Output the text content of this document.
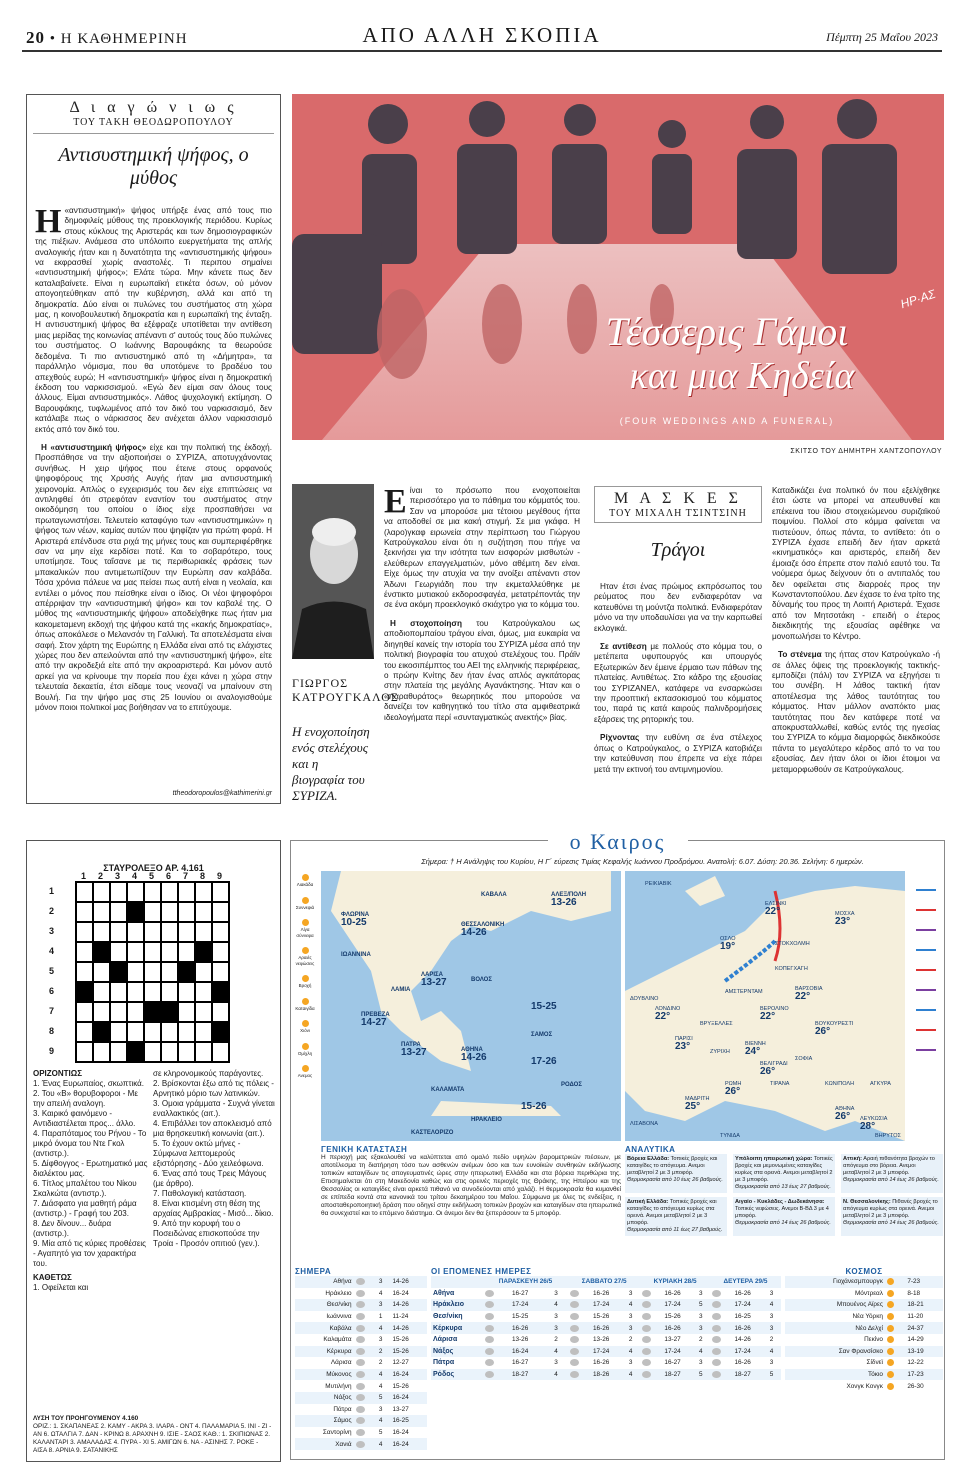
20 • Η ΚΑΘΗΜΕΡΙΝΗ	ΑΠΟ ΑΛΛΗ ΣΚΟΠΙΑ	Πέμπτη 25 Μαΐου 2023
Δ ι α γ ώ ν ι ω ς
ΤΟΥ ΤΑΚΗ ΘΕΟΔΩΡΟΠΟΥΛΟΥ
Αντισυστημική ψήφος, ο μύθος

Η «αντισυστημική» ψήφος υπήρξε ένας από τους πιο δημοφιλείς μύθους της προεκλογικής περιόδου. Κυρίως στους κύκλους της Αριστεράς και των δημοσιογραφικών της πιέξιων. Ανάμεσα στο υπόλοιπο ευεργετήματα της απλής αναλογικής ήταν και η δυνατότητα της «αντισυστημικής ψήφου» να εκφρασθεί χωρίς αναστολές. Τι περιπου σημαίνει «αντισυστημική ψήφος»; Ελάτε τώρα. Μην κάνετε πως δεν καταλαβαίνετε. Είναι η ευρωπαϊκή ετικέτα όσων, ού μόνον απογοητεύθηκαν από την κυβέρνηση, αλλά και από τη δημοκρατία. Δύο είναι οι πυλώνες του συστήματος στη χώρα μας, η κοινοβουλευτική δημοκρατία και η ευρωπαϊκή της ένταξη. Η αντισυστημική ψήφος θα εξέφραζε υποτίθεται την αντίθεση μιας μερίδας της κοινωνίας απέναντι σ' αυτούς τους δύο πυλώνες του συστήματος. Ο Ιωάννης Βαρουφάκης τα θεωρούσε δεδομένα. Τι πιο αντισυστημικό από τη «Δήμητρα», τα παράλληλο νόμισμα, που θα υποτόμενε το βραδέυο του απεχθούς ευρώ; Η «αντισυστημική» ψήφος είναι η δημοκρατική έκδοση του ναρκισσισμού. «Εγώ δεν είμαι σαν όλους τους άλλους. Είμαι αντισυστημικός». Λάθος ψυχολογική εκτίμηση. Ο Βαρουφάκης, τυφλωμένος από τον δικό του ναρκισσισμό, δεν κατάλαβε πως ο νάρκισσος δεν ανέχεται άλλον ναρκισσισμό εκτός από τον δικό του.

Η «αντισυστημική ψήφος» είχε και την πολιτική της έκδοχή. Προσπάθησε να την αξιοποιήσει ο ΣΥΡΙΖΑ, αποτυγχάνοντας συνήθως. Η χειρ ψήφος που έτεινε στους ορφανούς ψηφοφόρους της Χρυσής Αυγής ήταν μια αντισυστημική χειρονομία. Απλώς ο εγχειρισμός του δεν είχε επιπτώσεις να αντιληφθεί ότι στρεφόταν εναντίον του συστήματος στην οικοδόμηση του οποίου ο ίδιος είχε προσπαθήσει να πρωταγωνιστήσει. Τελευτείο καταφύγιο των «αντισυστημικών» η ψήφος των νέων, καμίας αυτών που ψηφίζαν για πρώτη φορά. Η Αριστερά επένδυσε στα ριχά της μήνες τους και συμπεριφέρθηκε σαν να μην είχε κερδίσει ποτέ. Και το σοβαρότερο, τους υποτίμησε. Τους ταΐσανε με τις περιθωριακές φράσεις των μπακαλικών που αντιμετωπίζουν την Ευρώπη σαν καλβάδα. Τόσα χρόνια πάλευε να μας πείσει πως αυτή είναι η νεολαία, και εντέλει ο μόνος που πείσθηκε είναι ο ίδιος. Οι νέοι ψηφοφόροι απέρριψαν την «αντισυστημική ψήφο» και τον καβαλέ της. Ο μύθος της «αντισυστημικής ψήφου» αποδείχθηκε πως ήταν μια κακομεταμενη εκδοχή της ψήφου κατά της «κακής δημοκρατίας», όπως αποκάλεσε ο Μελανσόν τη Γαλλική. Τα αποτελέσματα είναι σαφή. Στον χάρτη της Ευρώπης η Ελλάδα είναι από τις ελάχιστες χώρες που δεν απειλούνται από την «αντισυστημική ψήφο», είτε από την ακροδεξιά είτε από την ακροαριστερά. Και μόνον αυτό αρκεί για να κρίνουμε την πορεία που έχει κάνει η χώρα στην τελευταία δεκαετία, έτσι είδαμε τους νεοναζί να μπαίνουν στη Βουλή. Για την ψήφο μας στις 25 Ιουνίου οι αναλογισθούμε μόνον ποιοι πολιτικοί μας βοήθησαν να το επιτύχουμε.

ttheodoropoulos@kathimerini.gr
Τέσσερις Γάμοι
και μια Κηδεία
(FOUR WEDDINGS AND A FUNERAL)
ΗΡ·ΑΣ
ΣΚΙΤΣΟ ΤΟΥ ΔΗΜΗΤΡΗ ΧΑΝΤΖΟΠΟΥΛΟΥ
ΓΙΩΡΓΟΣ ΚΑΤΡΟΥΓΚΑΛΟΣ
Η ενοχοποίηση ενός στελέχους και η βιογραφία του ΣΥΡΙΖΑ.

Είναι το πρόσωπο που ενοχοποιείται περισσότερο για το πάθημα του κόμματός του. Σαν να μπορούσε μια τέτοιου μεγέθους ήττα να αποδοθεί σε μια κακή στιγμή. Σε μια γκάφα. Η (λαρο)γκαφ ειρωνεία στην περίπτωση του Γιώργου Κατρούγκαλου είναι ότι η συζήτηση που πήγε να ξεκινήσει για την ισότητα των εισφορών μισθωτών - ελεύθερων επαγγελματιών, μόνο αθέμιτη δεν είναι. Είχε όμως την ατυχία να την ανοίξει απέναντι στον Άδωνι Γεωργιάδη που την εκμεταλλεύθηκε με ένστικτο μυτιακού εκδοροσφαγέα, μετατρέποντάς την σε ένα ακόμη προεκλογικό σκιάχτρο για το κόμμα του.

Η στοχοποίηση του Κατρούγκαλου ως αποδιοπομπαίου τράγου είναι, όμως, μια ευκαιρία να διηγηθεί κανείς την ιστορία του ΣΥΡΙΖΑ μέσα από την πολιτική βιογραφία του ατυχού στελέχους του. Πράϊν του εικοσιπέμπτος του ΑΕΙ της ελληνικής περιφέρειας, ο πρώην Κνίτης δεν ήταν ένας απλός αγκιτάτορας στην πλατεία της μεγάλης Αγανάκτησης. Ήταν και ο «παραθυράτος» θεωρητικός που μπορούσε να δανείζει τον καθηγητικό του τίτλο στα αμφιθεατρικά ιδεολογήματα περί «συνταγματικώς ανεκτής» βίας.

Μ Α Σ Κ Ε Σ
ΤΟΥ ΜΙΧΑΛΗ ΤΣΙΝΤΣΙΝΗ
Τράγοι

Ηταν έτσι ένας πρώιμος εκπρόσωπος του ρεύματος που δεν ενδιαφερόταν να κατευθύνει τη μούντζα πολιτικά. Ενδιαφερόταν μόνο να την υποδαυλίσει για να την καρπωθεί εκλογικά.

Σε αντίθεση με πολλούς στο κόμμα του, ο μετέπειτα υφυπουργός και υπουργός Εξωτερικών δεν έμεινε έρμαιο των πάθων της πλατείας. Αντιθέτως. Στο κάδρο της εξουσίας του ΣΥΡΙΖΑΝΕΛ, κατάφερε να ενσαρκώσει την προοπτική εκπασοκισμού του κόμματος του, παρά τις κατά καιρούς παλινδρομήσεις εξάρσεις της ρητορικής του.

Ρίχνοντας την ευθύνη σε ένα στέλεχος όπως ο Κατρούγκαλος, ο ΣΥΡΙΖΑ κατοβιάζει την κατεύθυνση που έπρεπε να είχε πάρει μετά την εκτινοή του αντιμνημονίου.

Καταδικάζει ένα πολιτικό όν που εξελίχθηκε έτσι ώστε να μπορεί να απευθυνθεί και επέκεινα του ίδιου στοιχειώμενου συριζαϊκού ποιμνίου. Πολλοί στο κόμμα φαίνεται να πιστεύουν, όπως πάντα, το αντίθετο: ότι ο ΣΥΡΙΖΑ έχασε επειδή δεν ήταν αρκετά «κινηματικός» και αριστερός, επειδή δεν έμοιαζε όσο έπρεπε στον παλιό εαυτό του. Τα νούμερα όμως δείχνουν ότι ο αντιπαλός του δεν οφείλεται στις διαρροές προς την Κωνσταντοπούλου. Δεν έχασε το ένα τρίτο της δύναμής του προς τη Λοιπή Αριστερά. Έχασε από τον Μητσοτάκη - επειδή ο έτερος διεκδικητής της εξουσίας αφέθηκε να μονοπωλήσει το Κέντρο.

Το στένεμα της ήττας στον Κατρούγκαλο -ή σε άλλες όψεις της προεκλογικής τακτικής- εμποδίζει (πάλι) τον ΣΥΡΙΖΑ να εξηγήσει τι του συνέβη. Η λάθος τακτική ήταν αποτέλεσμα της λάθος ταυτότητας του κόμματος. Ηταν μάλλον αναπόκτο μιας ταυτότητας που δεν κατάφερε ποτέ να αποκρυσταλλωθεί, καθώς εντός της ηγεσίας του ΣΥΡΙΖΑ το κόμμα διαμορφώς διεκδικούσε πάντα το μεγαλύτερο κέρδος από το να του εξουσίας. Δεν ήταν όλοι οι ίδιοι έτοιμοι να μεταμορφωθούν σε Κατρούγκαλους.

ΣΤΑΥΡΟΛΕΞΟ ΑΡ. 4.161
1	2	3	4	5	6	7	8	9
1
2
3
4
5
6
7
8
9
ΟΡΙΖΟΝΤΙΩΣ
1. Ένας Ευρωπαίος, σκωπτικά.
2. Του «Β» θορυβοφοροι - Με την απειλή αναλογη.
3. Καιρικό φαινόμενο - Αντιδιαστέλεται προς... άλλο.
4. Παραπόταμος του Ρήνου - Το μικρό όνομα του Ντε Γκολ (αντιστρ.).
5. Δίφθογγος - Ερωτηματικό μας διαλέκτου μας.
6. Τίτλος μπαλέτου του Νίκου Σκαλκώτα (αντιστρ.).
7. Διάσφατο για μαθητή ράμα (αντιστρ.) - Γραφή του 203.
8. Δεν δίνουν... δυάρα (αντιστρ.).
9. Μία από τις κύριες προθέσεις - Αγαπητό για τον χαρακτήρα του.
ΚΑΘΕΤΩΣ
1. Οφείλεται και
σε κληρονομικούς παράγοντες.
2. Βρίσκονται έξω από τις πόλεις - Αρνητικό μόριο των λατινικών.
3. Ομοια γράμματα - Συχνά γίνεται εναλλακτικός (αιτ.).
4. Επιβάλλει τον αποκλεισμό από μια θρησκευτική κοινωνία (αιτ.).
5. Το έχουν οκτώ μήνες - Σύμφωνα λεπτομερούς εξιστόρησης - Δύο χειλεόφωνα.
6. Ένας από τους Τρεις Μάγους (με άρθρο).
7. Παθολογική κατάσταση.
8. Είναι κτισμένη στη θέση της αρχαίας Αμβρακίας - Μισό... δίκιο.
9. Από την κορυφή του ο Ποσειδώνας επισκοπούσε την Τροία - Προσόν οπιτιού (γεν.).
ΛΥΣΗ ΤΟΥ ΠΡΟΗΓΟΥΜΕΝΟΥ 4.160
ΟΡΙΖ.: 1. ΣΚΑΠΑΝΕΑΣ 2. ΚΑΜΥ - ΑΚΡΑ 3. ΙΛΑΡΑ - ΟΝΤ 4. ΠΑΛΑΜΑΡΙΑ 5. ΙΝΙ - ΖΙ - ΑΝ 6. ΩΤΑΛΓΙΑ 7. ΔΑΝ - ΚΡΙΝΩ 8. ΑΡΑΧΝΗ 9. ΙΣΙΕ - ΣΑΟΣ ΚΑΘ.: 1. ΣΚΙΠΙΩΝΑΣ 2. ΚΑΛΑΝΤΑΡΙ 3. ΑΜΑΛΑΔΑΣ 4. ΠΥΡΑ - ΧΙ 5. ΑΜΙΓΩΝ 6. ΝΑ - ΑΣΙΝΗΣ 7. ΡΟΚΕ - ΑΙΣΑ 8. ΑΡΝΙΑ 9. ΣΑΤΑΝΙΚΗΣ
ο Καιρος
Σήμερα: † Η Ανάληψις του Κυρίου, Η Γ΄ εύρεσις Τιμίας Κεφαλής Ιωάννου Προδρόμου. Ανατολή: 6.07. Δύση: 20.36. Σελήνη: 6 ημερών.
Λιακάδα
Συννεφιά
Λίγα σύννεφα
Αραιές νεφώσεις
Βροχή
Καταιγίδα
Χιόνι
Ομίχλη
Ανεμος
ΦΛΩΡΙΝΑ
10-25
ΚΑΒΑΛΑ
ΘΕΣΣΑΛΟΝΙΚΗ
14-26
ΑΛΕΞ/ΠΟΛΗ
13-26
ΙΩΑΝΝΙΝΑ
ΛΑΡΙΣΑ
13-27	ΒΟΛΟΣ
ΛΑΜΙΑ
ΠΡΕΒΕΖΑ
14-27
ΠΑΤΡΑ
13-27	ΑΘΗΝΑ
14-26
ΣΑΜΟΣ
ΚΑΛΑΜΑΤΑ
ΡΟΔΟΣ
ΗΡΑΚΛΕΙΟ
ΚΑΣΤΕΛΟΡΙΖΟ
15-25
17-26
15-26
ΡΕΙΚΙΑΒΙΚ
ΕΛΣΙΝΚΙ
22°	ΜΟΣΧΑ
23°
ΟΣΛΟ
19°	ΣΤΟΚΧΟΛΜΗ
ΚΟΠΕΓΧΑΓΗ
ΔΟΥΒΛΙΝΟ
ΑΜΣΤΕΡΝΤΑΜ	ΒΑΡΣΟΒΙΑ
22°
ΛΟΝΔΙΝΟ
22°
ΒΕΡΟΛΙΝΟ
22°
ΒΡΥΞΕΛΛΕΣ
ΠΑΡΙΣΙ
23°	ΒΙΕΝΝΗ
24°
ΖΥΡΙΧΗ
ΒΟΥΚΟΥΡΕΣΤΙ
26°
ΒΕΛΙΓΡΑΔΙ
26°
ΣΟΦΙΑ
ΤΙΡΑΝΑ	ΚΩΝ/ΠΟΛΗ	ΑΓΚΥΡΑ
ΡΩΜΗ
26°
ΜΑΔΡΙΤΗ
25°
ΛΙΣΑΒΟΝΑ
ΑΘΗΝΑ
26°	ΛΕΥΚΩΣΙΑ
28°
ΤΥΝΙΔΑ	ΒΗΡΥΤΟΣ
ΓΕΝΙΚΗ ΚΑΤΑΣΤΑΣΗ
Η περιοχή μας εξακολουθεί να καλύπτεται από ομαλό πεδίο υψηλών βαρομετρικών πιέσεων, με αποτέλεσμα τη διατήρηση τόσο των ασθενών ανέμων όσο και των ευνοϊκών συνθηκών εκδήλωσης τοπικών καταιγίδων τις απογευματινές ώρες στην ηπειρωτική Ελλάδα και στα βόρεια περιθώρια της. Επισημαίνεται ότι στη Μακεδονία καθώς και στις ορεινές περιοχές της Θράκης, της Ηπείρου και της Θεσσαλίας οι καταιγίδες είναι αρκετά πιθανό να συνοδεύονται από χαλάζι. Η θερμοκρασία θα κυμανθεί σε επίπεδα κοντά στα κανονικά του τρίτου δεκαημέρου του Μαΐου. Σύμφωνα με όλες τις ενδείξεις, η αποσταθεροποιητική δράση που οδηγεί στην εκδήλωση τοπικών βροχών και καταιγίδων στα ηπειρωτικά θα συνεχιστεί και το επόμενο διάστημα. Οι άνεμοι δεν θα ξεπεράσουν τα 5 μποφόρ.
ΑΝΑΛΥΤΙΚΑ
Βόρεια Ελλάδα: Τοπικές βροχές και καταιγίδες το απόγευμα. Ανεμοι μεταβλητοί 2 με 3 μποφόρ.
Θερμοκρασία από 10 έως 26 βαθμούς.
Υπόλοιπη ηπειρωτική χώρα: Τοπικές βροχές και μεμονωμένες καταιγίδες κυρίως στα ορεινά. Ανεμοι μεταβλητοί 2 με 3 μποφόρ.
Θερμοκρασία από 13 έως 27 βαθμούς.
Αττική: Αραιή πιθανότητα βροχών το απόγευμα στο βόρεια. Ανεμοι μεταβλητοί 2 με 3 μποφόρ.
Θερμοκρασία από 14 έως 26 βαθμούς.
Δυτική Ελλάδα: Τοπικές βροχές και καταιγίδες το απόγευμα κυρίως στα ορεινά. Ανεμοι μεταβλητοί 2 με 3 μποφόρ.
Θερμοκρασία από 11 έως 27 βαθμούς.
Αιγαίο - Κυκλάδες - Δωδεκάνησα: Τοπικές νεφώσεις. Ανεμοι Β-ΒΔ 3 με 4 μποφόρ.
Θερμοκρασία από 14 έως 26 βαθμούς.
Ν. Θεσσαλονίκης: Πιθανές βροχές το απόγευμα κυρίως στα ορεινά. Ανεμοι μεταβλητοί 2 με 3 μποφόρ.
Θερμοκρασία από 14 έως 26 βαθμούς.
ΣΗΜΕΡΑ
Αθήνα		3	14-26
Ηράκλειο		4	16-24
Θεσ/νίκη		3	14-26
Ιωάννινα		1	11-24
Καβάλα		4	14-26
Καλαμάτα		3	15-26
Κέρκυρα		2	15-26
Λάρισα		2	12-27
Μύκονος		4	16-24
Μυτιλήνη		4	15-26
Νάξος		5	16-24
Πάτρα		3	13-27
Σάμος		4	16-25
Σαντορίνη		5	16-24
Χανιά		4	16-24
ΟΙ ΕΠΟΜΕΝΕΣ ΗΜΕΡΕΣ
	ΠΑΡΑΣΚΕΥΗ 26/5			ΣΑΒΒΑΤΟ 27/5			ΚΥΡΙΑΚΗ 28/5			ΔΕΥΤΕΡΑ 29/5		
Αθήνα		16-27	3		16-26	3		16-26	3		16-26	3
Ηράκλειο		17-24	4		17-24	4		17-24	5		17-24	4
Θεσ/νίκη		15-25	3		15-26	3		15-26	3		16-25	3
Κέρκυρα		16-26	3		16-26	3		16-26	3		16-26	3
Λάρισα		13-26	2		13-26	2		13-27	2		14-26	2
Νάξος		16-24	4		17-24	4		17-24	4		17-24	4
Πάτρα		16-27	3		16-26	3		16-27	3		16-26	3
Ρόδος		18-27	4		18-26	4		18-27	5		18-27	5
ΚΟΣΜΟΣ
Γιοχάνεσμπουργκ		7-23
Μόντρεαλ		8-18
Μπουένος Αϊρες		18-21
Νέα Υόρκη		11-20
Νέο Δελχί		24-37
Πεκίνο		14-29
Σαν Φρανσίσκο		13-19
Σίδνεϊ		12-22
Τόκιο		17-23
Χονγκ Κονγκ		26-30
